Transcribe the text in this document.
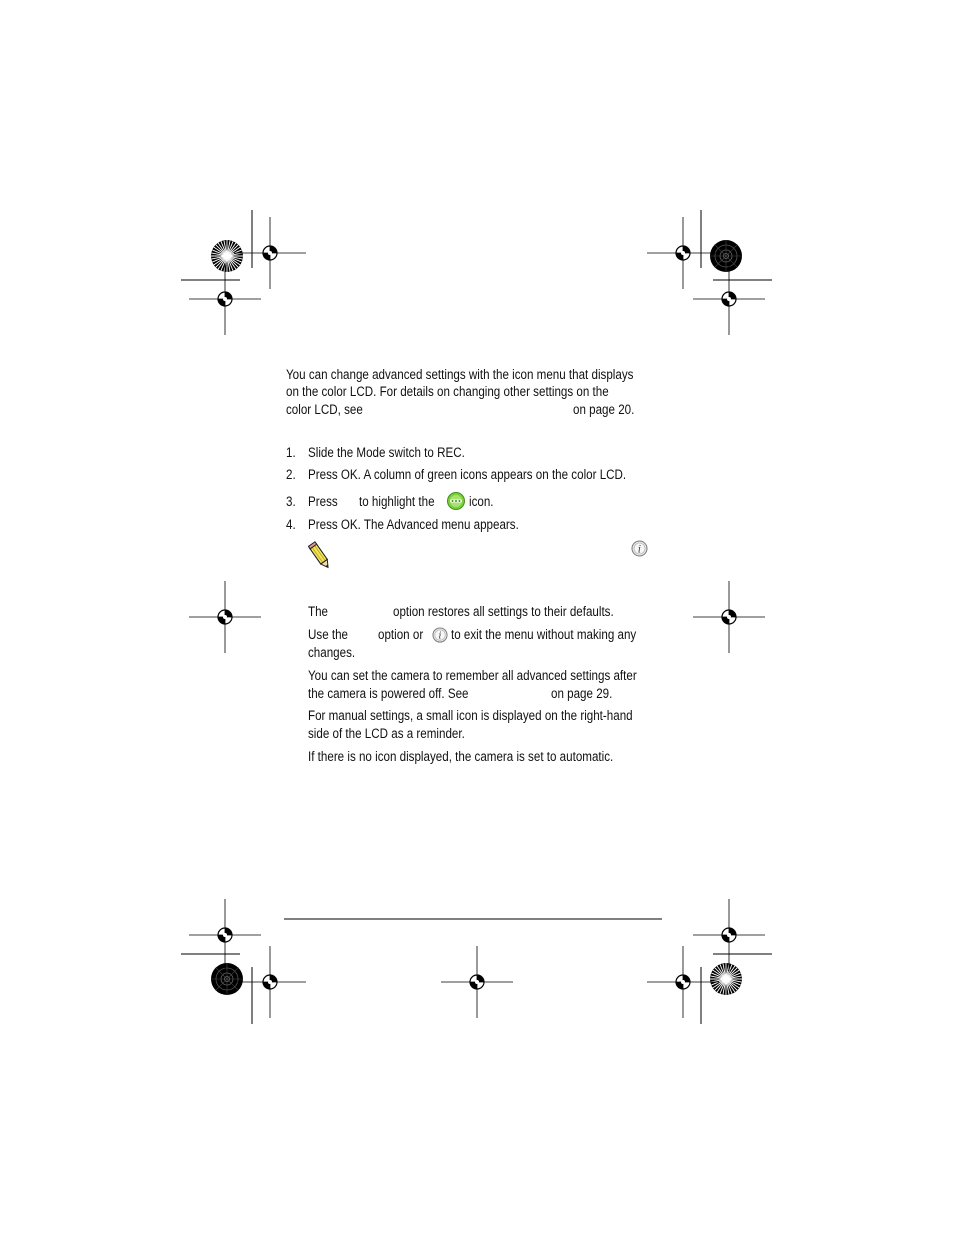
You can change advanced settings with the icon menu that displays
on the color LCD. For details on changing other settings on the
color LCD, see	on page 20.
1. Slide the Mode switch to REC.
2. Press OK. A column of green icons appears on the color LCD.
3. Press to highlight the	icon.
4. Press OK. The Advanced menu appears.
i
The	option restores all settings to their defaults.
Use the option or i to exit the menu without making any
changes.
You can set the camera to remember all advanced settings after
the camera is powered off. See	on page 29.
For manual settings, a small icon is displayed on the right-hand
side of the LCD as a reminder.
If there is no icon displayed, the camera is set to automatic.
